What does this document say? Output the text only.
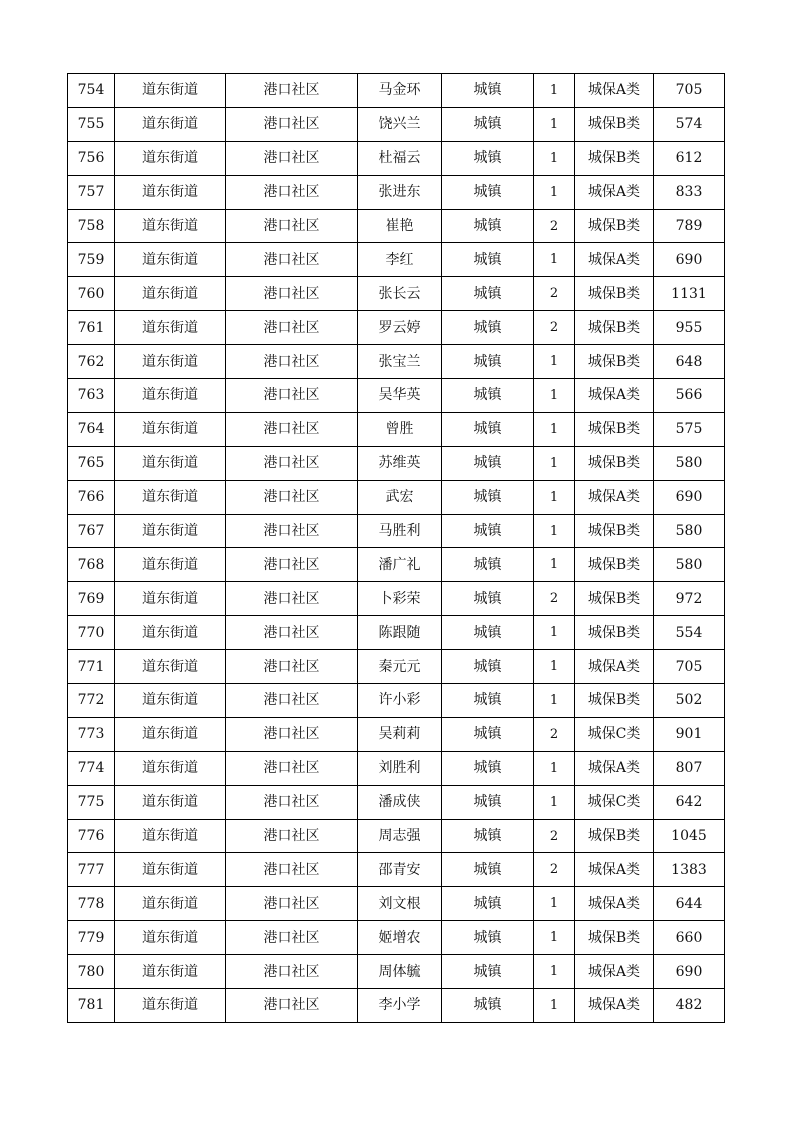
754	道东街道	港口社区	马金环	城镇	1	城保A类	705
755	道东街道	港口社区	饶兴兰	城镇	1	城保B类	574
756	道东街道	港口社区	杜福云	城镇	1	城保B类	612
757	道东街道	港口社区	张进东	城镇	1	城保A类	833
758	道东街道	港口社区	崔艳	城镇	2	城保B类	789
759	道东街道	港口社区	李红	城镇	1	城保A类	690
760	道东街道	港口社区	张长云	城镇	2	城保B类	1131
761	道东街道	港口社区	罗云婷	城镇	2	城保B类	955
762	道东街道	港口社区	张宝兰	城镇	1	城保B类	648
763	道东街道	港口社区	吴华英	城镇	1	城保A类	566
764	道东街道	港口社区	曾胜	城镇	1	城保B类	575
765	道东街道	港口社区	苏维英	城镇	1	城保B类	580
766	道东街道	港口社区	武宏	城镇	1	城保A类	690
767	道东街道	港口社区	马胜利	城镇	1	城保B类	580
768	道东街道	港口社区	潘广礼	城镇	1	城保B类	580
769	道东街道	港口社区	卜彩荣	城镇	2	城保B类	972
770	道东街道	港口社区	陈跟随	城镇	1	城保B类	554
771	道东街道	港口社区	秦元元	城镇	1	城保A类	705
772	道东街道	港口社区	许小彩	城镇	1	城保B类	502
773	道东街道	港口社区	吴莉莉	城镇	2	城保C类	901
774	道东街道	港口社区	刘胜利	城镇	1	城保A类	807
775	道东街道	港口社区	潘成侠	城镇	1	城保C类	642
776	道东街道	港口社区	周志强	城镇	2	城保B类	1045
777	道东街道	港口社区	邵青安	城镇	2	城保A类	1383
778	道东街道	港口社区	刘文根	城镇	1	城保A类	644
779	道东街道	港口社区	姬增农	城镇	1	城保B类	660
780	道东街道	港口社区	周体毓	城镇	1	城保A类	690
781	道东街道	港口社区	李小学	城镇	1	城保A类	482
